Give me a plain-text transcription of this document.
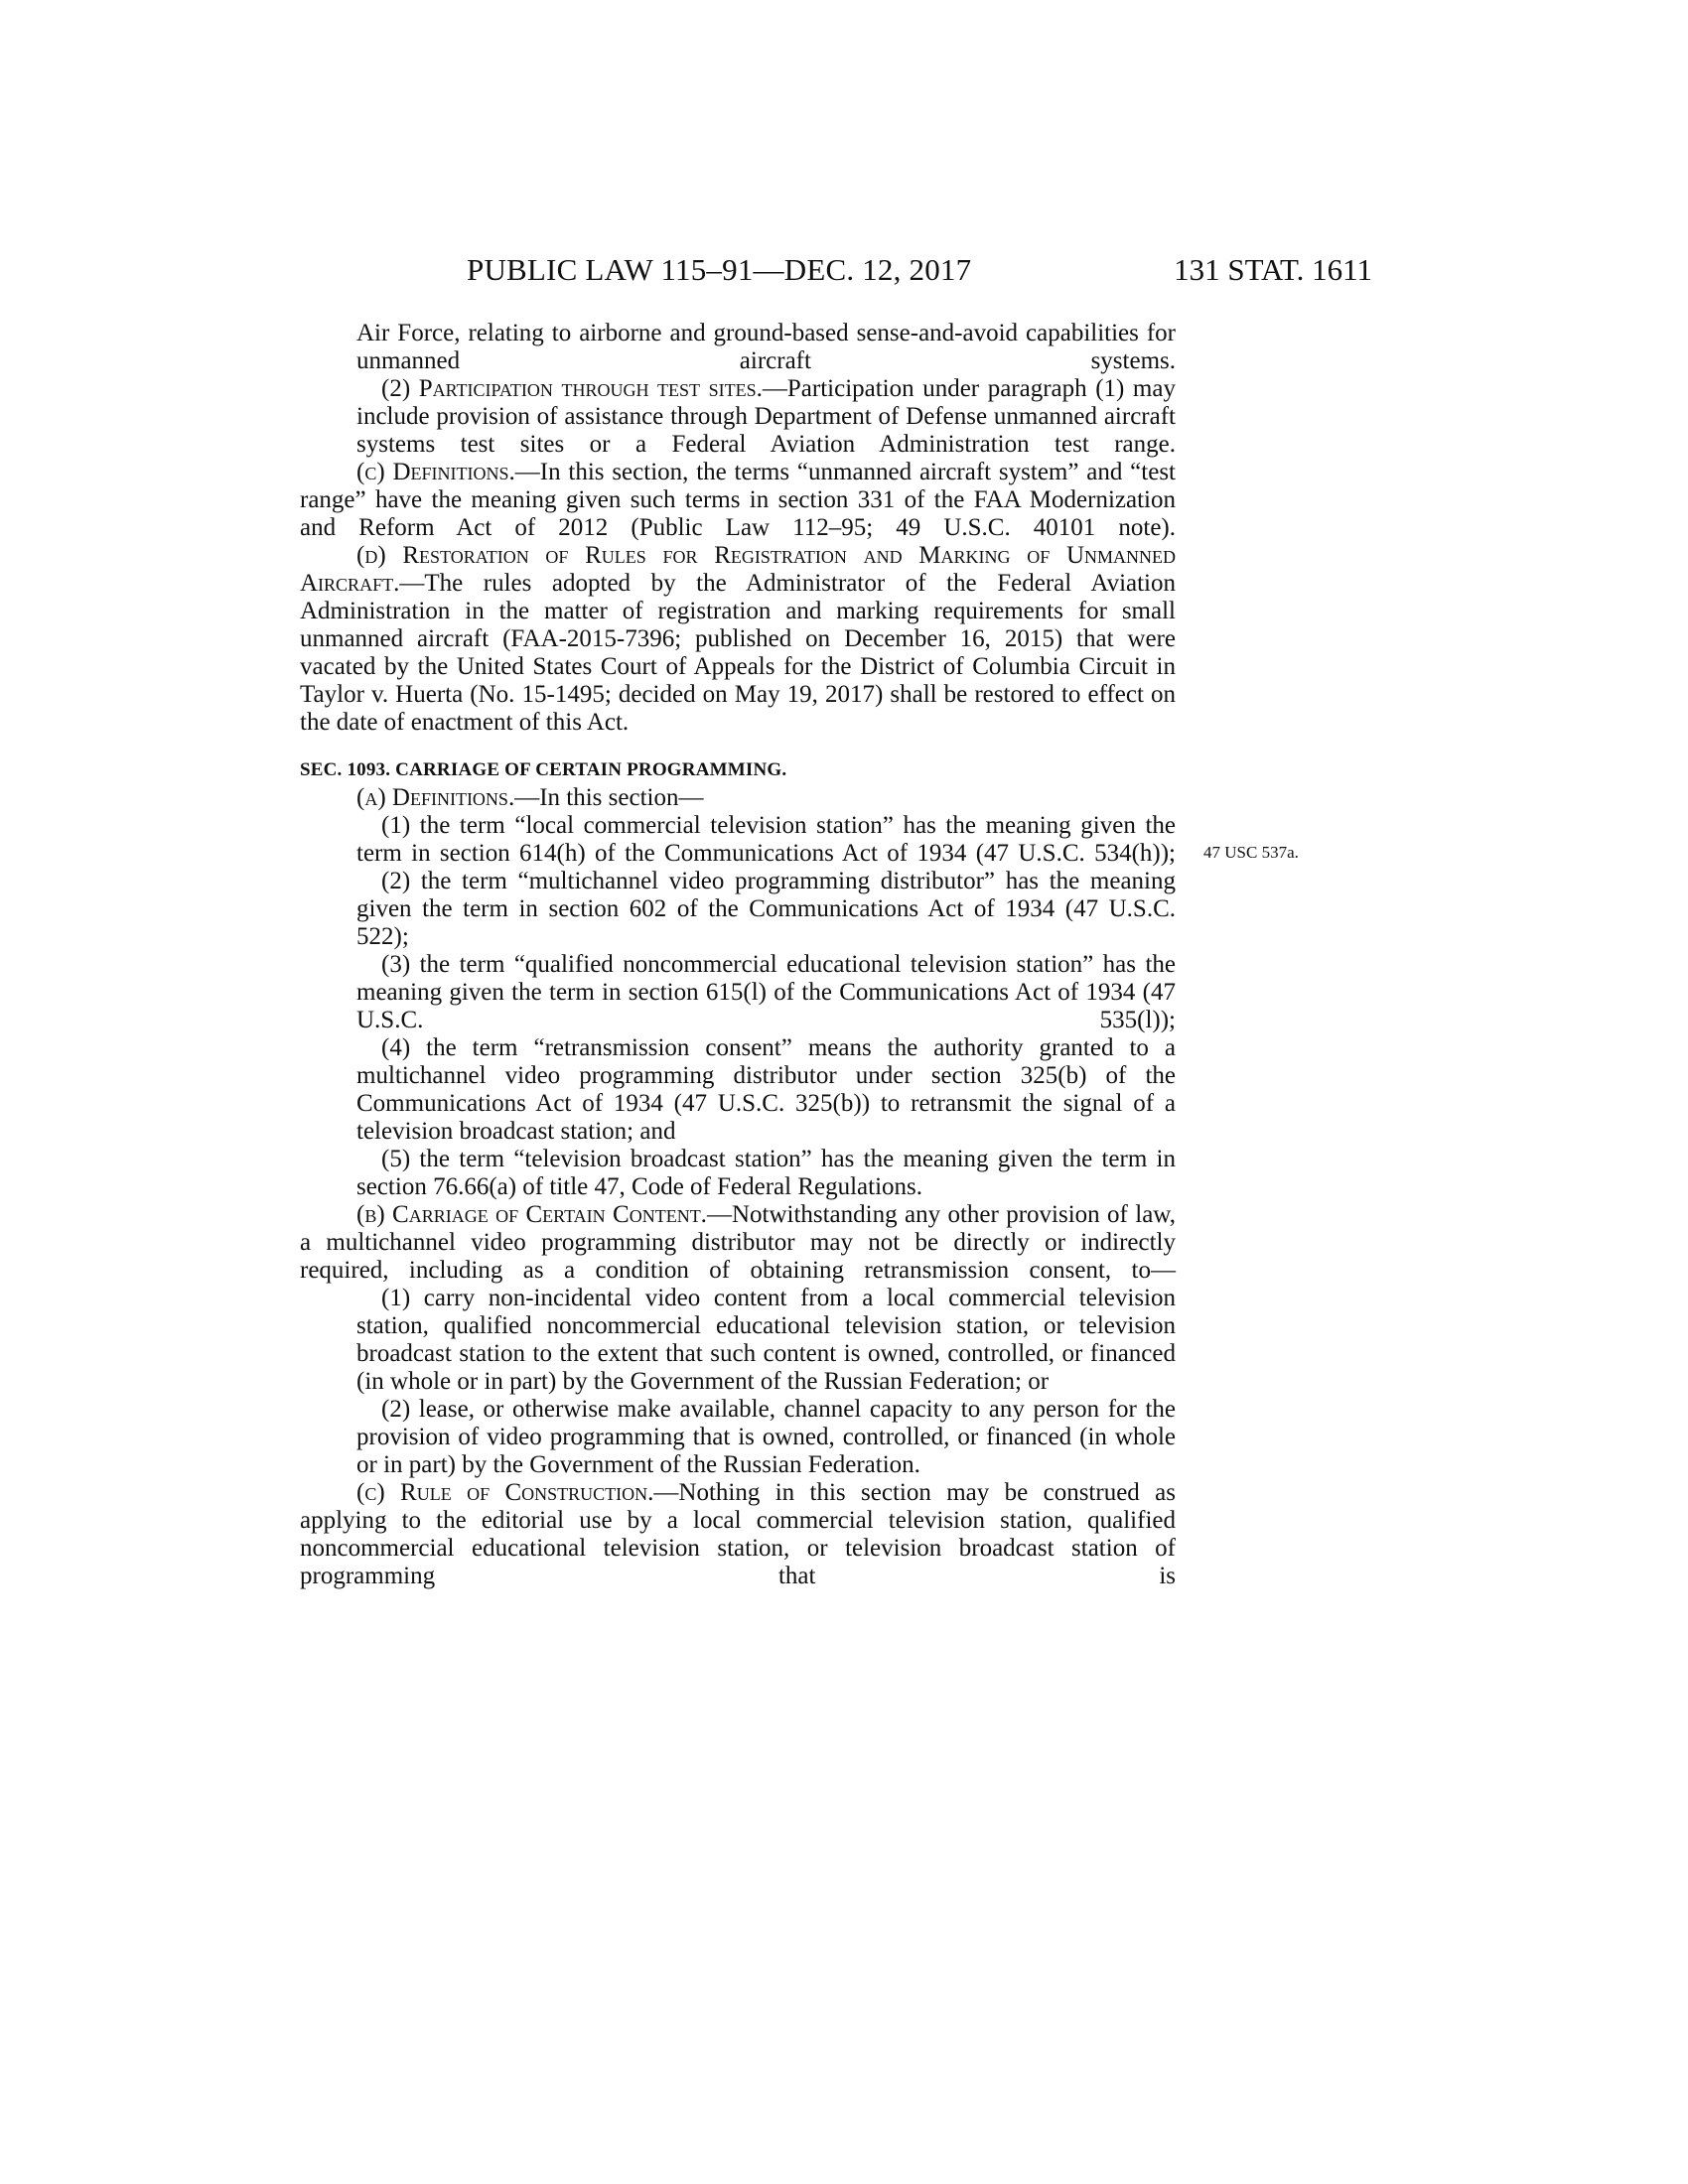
PUBLIC LAW 115–91—DEC. 12, 2017	131 STAT. 1611
47 USC 537a.

Air Force, relating to airborne and ground-based sense-and-avoid capabilities for unmanned aircraft systems.

(2) Participation through test sites.—Participation under paragraph (1) may include provision of assistance through Department of Defense unmanned aircraft systems test sites or a Federal Aviation Administration test range.

(c) Definitions.—In this section, the terms “unmanned aircraft system” and “test range” have the meaning given such terms in section 331 of the FAA Modernization and Reform Act of 2012 (Public Law 112–95; 49 U.S.C. 40101 note).

(d) Restoration of Rules for Registration and Marking of Unmanned Aircraft.—The rules adopted by the Administrator of the Federal Aviation Administration in the matter of registration and marking requirements for small unmanned aircraft (FAA-2015-7396; published on December 16, 2015) that were vacated by the United States Court of Appeals for the District of Columbia Circuit in Taylor v. Huerta (No. 15-1495; decided on May 19, 2017) shall be restored to effect on the date of enactment of this Act.

SEC. 1093. CARRIAGE OF CERTAIN PROGRAMMING.

(a) Definitions.—In this section—

(1) the term “local commercial television station” has the meaning given the term in section 614(h) of the Communications Act of 1934 (47 U.S.C. 534(h));

(2) the term “multichannel video programming distributor” has the meaning given the term in section 602 of the Communications Act of 1934 (47 U.S.C. 522);

(3) the term “qualified noncommercial educational television station” has the meaning given the term in section 615(l) of the Communications Act of 1934 (47 U.S.C. 535(l));

(4) the term “retransmission consent” means the authority granted to a multichannel video programming distributor under section 325(b) of the Communications Act of 1934 (47 U.S.C. 325(b)) to retransmit the signal of a television broadcast station; and

(5) the term “television broadcast station” has the meaning given the term in section 76.66(a) of title 47, Code of Federal Regulations.

(b) Carriage of Certain Content.—Notwithstanding any other provision of law, a multichannel video programming distributor may not be directly or indirectly required, including as a condition of obtaining retransmission consent, to—

(1) carry non-incidental video content from a local commercial television station, qualified noncommercial educational television station, or television broadcast station to the extent that such content is owned, controlled, or financed (in whole or in part) by the Government of the Russian Federation; or

(2) lease, or otherwise make available, channel capacity to any person for the provision of video programming that is owned, controlled, or financed (in whole or in part) by the Government of the Russian Federation.

(c) Rule of Construction.—Nothing in this section may be construed as applying to the editorial use by a local commercial television station, qualified noncommercial educational television station, or television broadcast station of programming that is
